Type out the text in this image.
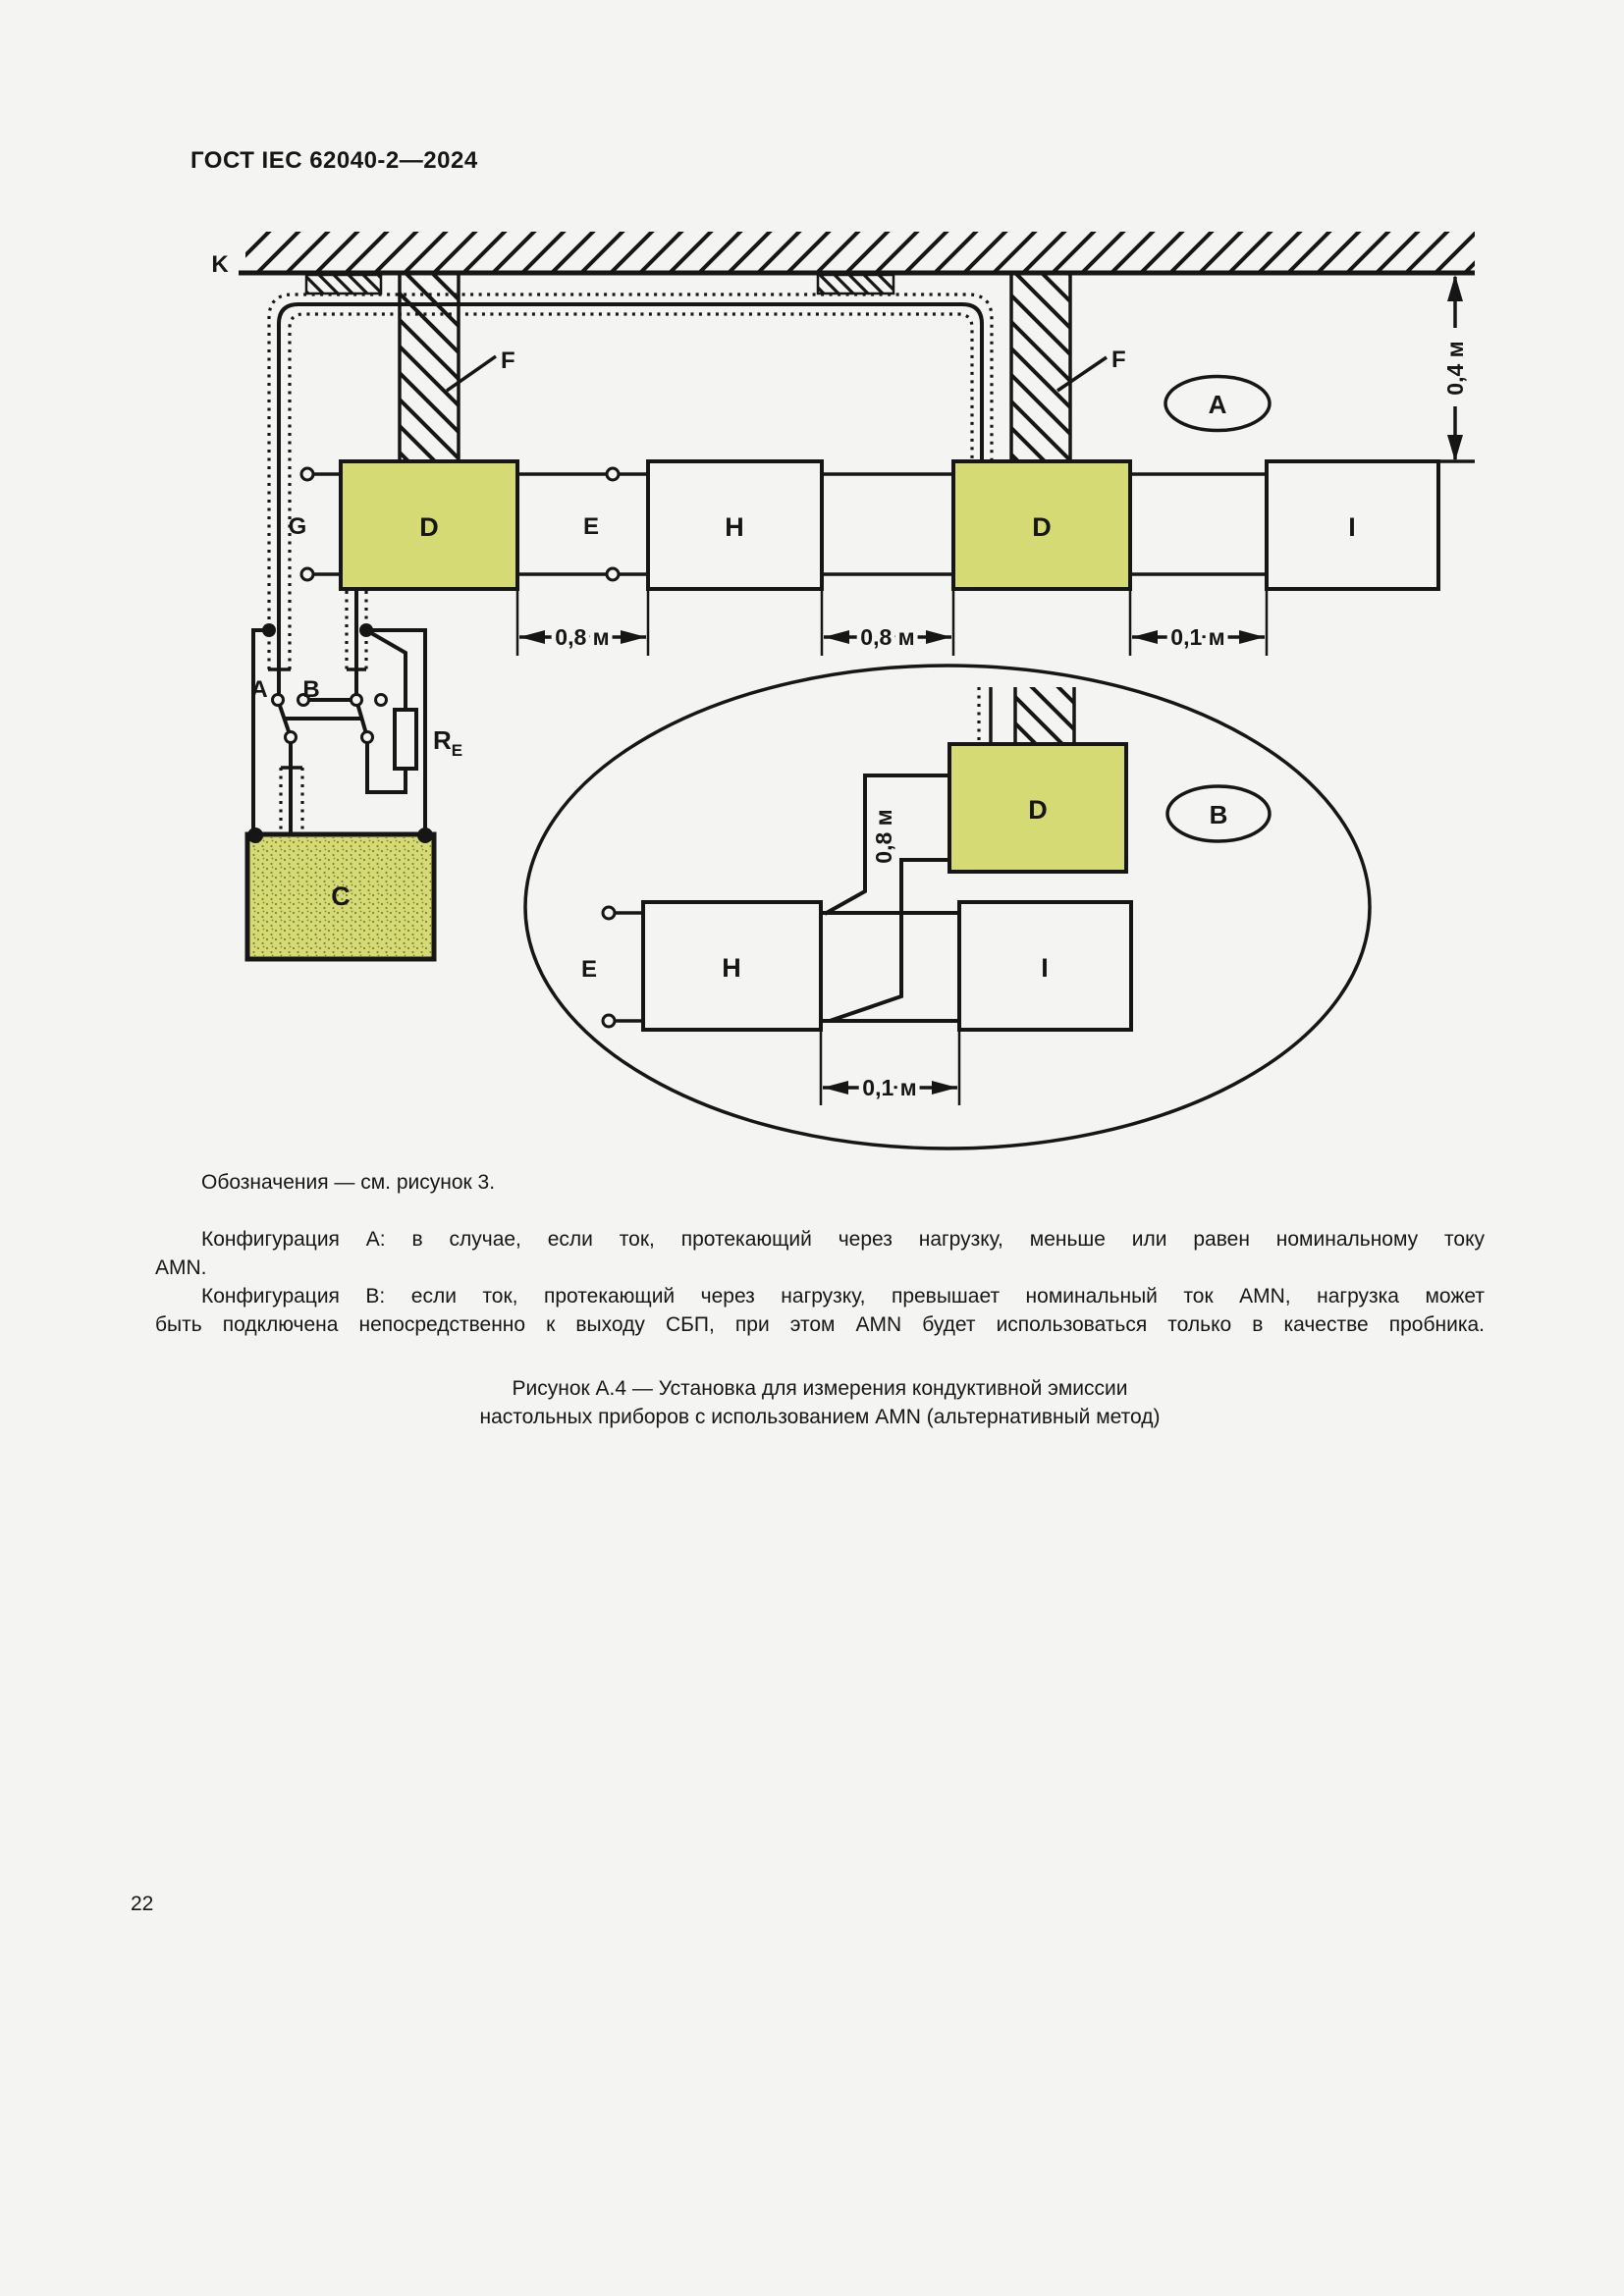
ГОСТ IEC 62040-2—2024
K
F	F	0,4 м
D	H	D	I
G	E
0,8 м	0,8 м	0,1 м
$R_E$
A B
C
A
B
D
H	I
E
0,8 м
0,1 м
Обозначения — см. рисунок 3.
Конфигурация А: в случае, если ток, протекающий через нагрузку, меньше или равен номинальному току
AMN.
Конфигурация В: если ток, протекающий через нагрузку, превышает номинальный ток AMN, нагрузка может
быть подключена непосредственно к выходу СБП, при этом AMN будет использоваться только в качестве пробника.
Рисунок А.4 — Установка для измерения кондуктивной эмиссии
настольных приборов с использованием AMN (альтернативный метод)
22
